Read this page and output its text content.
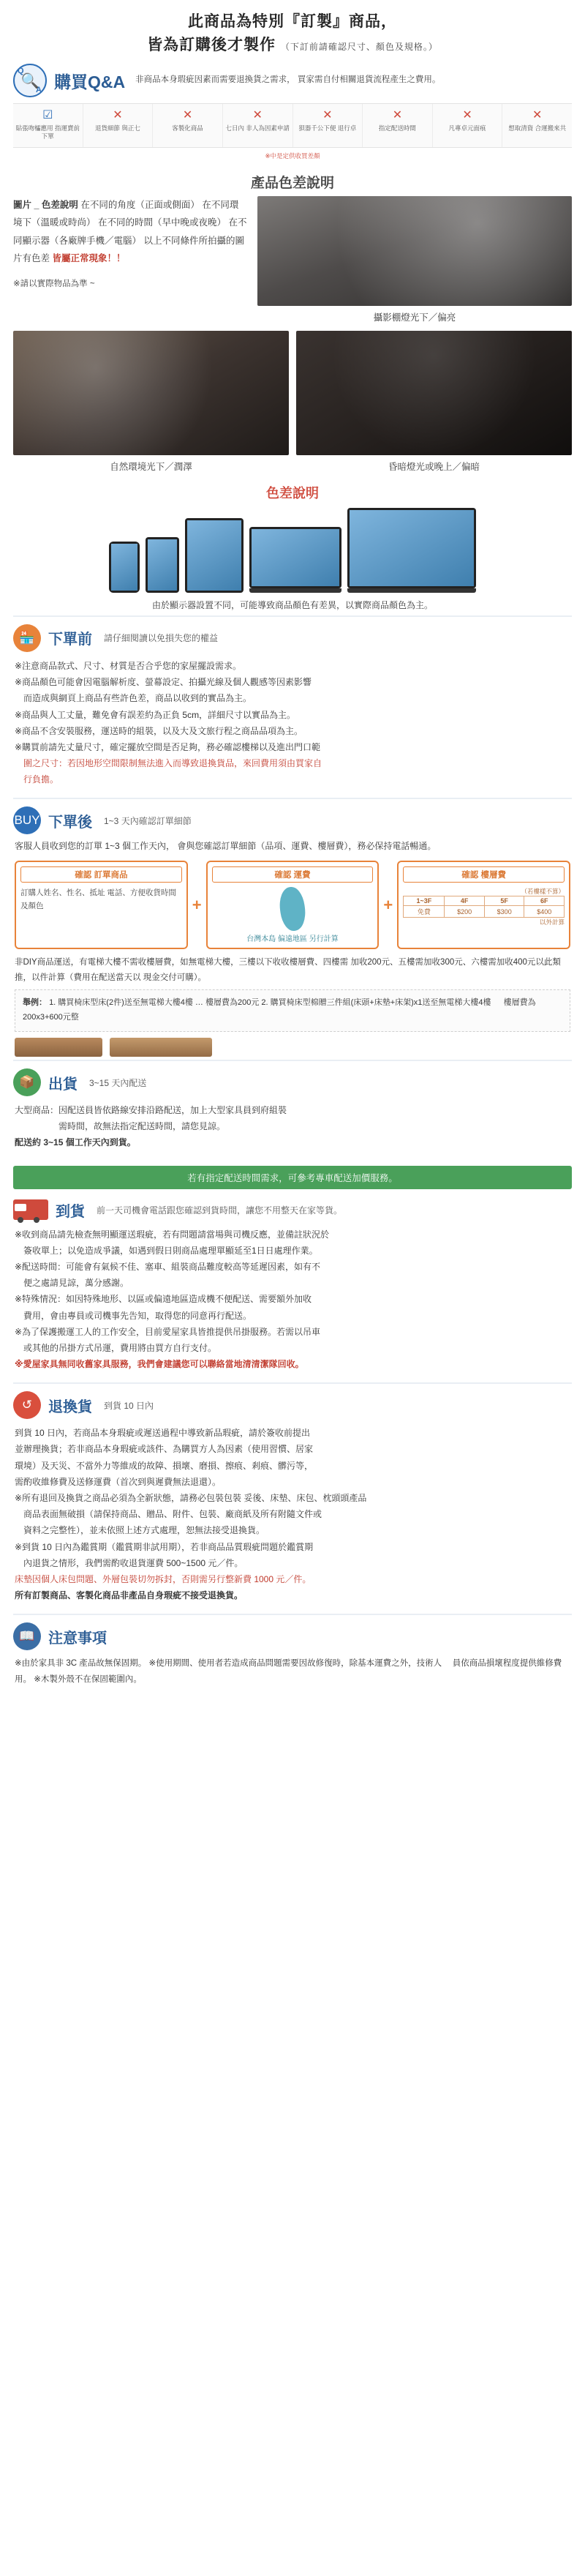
此商品為特別『訂製』商品，
皆為訂購後才製作 （下訂前請確認尺寸、顏色及規格。）
Q
🔍
A 購買Q&A 非商品本身瑕疵因素而需要退換貨之需求， 買家需自付相關退貨流程產生之費用。
☑
貼張吻櫺應用 指運賣前下單
✕
退貨細節 與正七
✕
客製化商品
✕
七日內 非人為因素申請
✕
狽器千公下便 退行卓
✕
指定配送時間
✕
凡專卓元面痕
✕
想取清資 合運搬來共
※中是定供收買差顏
產品色差說明
圖片 _ 色差說明 在不同的角度（正面或側面） 在不同環境下（溫暖或時尚） 在不同的時間（早中晚或夜晚） 在不同顯示器（各廠牌手機／電腦） 以上不同條件所拍攝的圖片有色差 皆屬正常現象！！
※請以實際物品為準 ~
攝影棚燈光下／偏亮
自然環境光下／潤澤	昏暗燈光或晚上／偏暗
色差說明
由於顯示器設置不同，可能導致商品顏色有差異，以實際商品顏色為主。
🏪 下單前 請仔細閱讀以免損失您的權益
※注意商品款式、尺寸、材質是否合乎您的家屋擺設需求。
※商品顏色可能會因電腦解析度、螢幕設定、拍攝光線及個人觀感等因素影響
　而造成與網頁上商品有些許色差，商品以收到的實品為主。
※商品與人工丈量，難免會有誤差約為正負 5cm，詳細尺寸以實品為主。
※商品不含安裝服務，運送時的組裝，以及大及文旅行程之商品品項為主。
※購買前請先丈量尺寸，確定擺放空間是否足夠，務必確認樓梯以及進出門口範
　圍之尺寸：若因地形空間限制無法進入而導致退換貨品，來回費用須由買家自
　行負擔。
BUY 下單後 1~3 天內確認訂單細節
客服人員收到您的訂單 1~3 個工作天內， 會與您確認訂單細節（品項、運費、樓層費），務必保持電話暢通。
確認 訂單商品
訂購人姓名、性名、抵址 電話、方便收貨時間 及顏色	+
確認 運費
台灣本島 偏遠地區 另行計算
+
確認 樓層費
（若樓樣不算）
1~3F	4F	5F	6F
免費	$200	$300	$400
以外計算
非DIY商品運送，有電梯大樓不需收樓層費，如無電梯大樓，三樓以下收收樓層費、四樓需 加收200元、五樓需加收300元、六樓需加收400元以此類推，以件計算（費用在配送當天以 現金交付可購）。
舉例： 1. 購買椅床型床(2件)送至無電梯大樓4樓 … 樓層費為200元 2. 購買椅床型棉贈三件組(床頭+床墊+床架)x1送至無電梯大樓4樓 　 樓層費為200x3+600元整
📦 出貨 3~15 天內配送
大型商品：因配送員皆依路線安排沿路配送，加上大型家具員到府組裝
　　　　　需時間，故無法指定配送時間，請您見諒。
配送約 3~15 個工作天內到貨。
若有指定配送時間需求，可參考專車配送加價服務。
到貨 前一天司機會電話跟您確認到貨時間，讓您不用整天在家等貨。
※收到商品請先檢查無明顯運送瑕疵，若有問題請當場與司機反應，並備註狀況於
　簽收單上；以免造成爭議，如遇到假日則商品處理單顯延至1日日處理作業。
※配送時間：可能會有氣候不佳、塞車、組裝商品難度較高等延遲因素，如有不
　便之處請見諒，萬分感謝。
※特殊情況：如因特殊地形、以區或偏遠地區造成機不便配送、需要額外加收
　費用，會由專員或司機事先告知，取得您的同意再行配送。
※為了保護搬運工人的工作安全，目前愛屋家具皆推提供吊掛服務。若需以吊車
　或其他的吊掛方式吊運，費用將由買方自行支付。
※愛屋家具無同收舊家具服務，我們會建議您可以聯絡當地清清潔隊回收。
↺	退換貨 到貨 10 日內
到貨 10 日內，若商品本身瑕疵或遲送過程中導致新品瑕疵，請於簽收前提出
並辦理換貨；若非商品本身瑕疵或該件、為購買方人為因素（使用習慣、居家
環境）及天災、不當外力等維成的故障、損壞、磨損、擦痕、剎痕、髒污等，
需酌收維修費及送修運費（首次到與遲費無法退還）。
※所有退回及換貨之商品必須為全新狀態，請務必包裝包裝 妥後、床墊、床包、枕頭頭產品
　商品表面無破損（請保持商品、贈品、附件、包裝、廠商紙及所有附隨文件或
　資料之完整性），並未依照上述方式處理，恕無法接受退換貨。
※到貨 10 日內為鑑賞期（鑑賞期非試用期），若非商品品質瑕疵問題於鑑賞期
　內退貨之情形，我們需酌收退貨運費 500~1500 元／件。
床墊因個人床包問題、外層包裝切勿拆封，否則需另行整新費 1000 元／件。
所有訂製商品、客製化商品非產品自身瑕疵不接受退換貨。
📖 注意事項
※由於家具非 3C 產品故無保固期。 ※使用期間、使用者若造成商品問題需要因故修復時，除基本運費之外，技術人 　員依商品損壞程度提供維修費用。 ※木製外殼不在保固範圍內。
